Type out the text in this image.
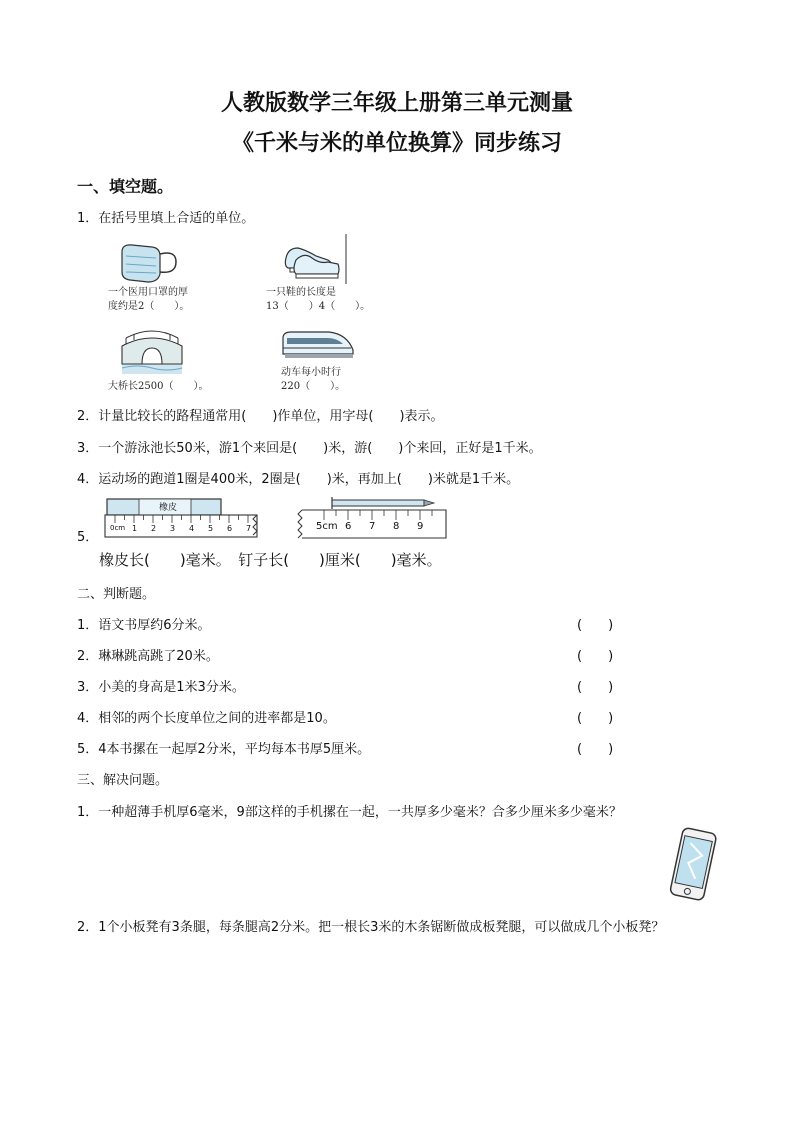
人教版数学三年级上册第三单元测量
《千米与米的单位换算》同步练习
一、填空题。
1．在括号里填上合适的单位。
一个医用口罩的厚
度约是2（　　）。
一只鞋的长度是
13（　　）4（　　）。
大桥长2500（　　）。
动车每小时行
220（　　）。
2．计量比较长的路程通常用(　　)作单位，用字母(　　)表示。
3．一个游泳池长50米，游1个来回是(　　)米，游(　　)个来回，正好是1千米。
4．运动场的跑道1圈是400米，2圈是(　　)米，再加上(　　)米就是1千米。
5．
橡皮
0cm 1 2 3 4 5 6 7	5cm 6 7 8 9
橡皮长(　　)毫米。　钉子长(　　)厘米(　　)毫米。
二、判断题。
1．语文书厚约6分米。	(　　)
2．琳琳跳高跳了20米。	(　　)
3．小美的身高是1米3分米。	(　　)
4．相邻的两个长度单位之间的进率都是10。	(　　)
5．4本书摞在一起厚2分米，平均每本书厚5厘米。	(　　)
三、解决问题。
1．一种超薄手机厚6毫米，9部这样的手机摞在一起，一共厚多少毫米？合多少厘米多少毫米？
2．1个小板凳有3条腿，每条腿高2分米。把一根长3米的木条锯断做成板凳腿，可以做成几个小板凳？
